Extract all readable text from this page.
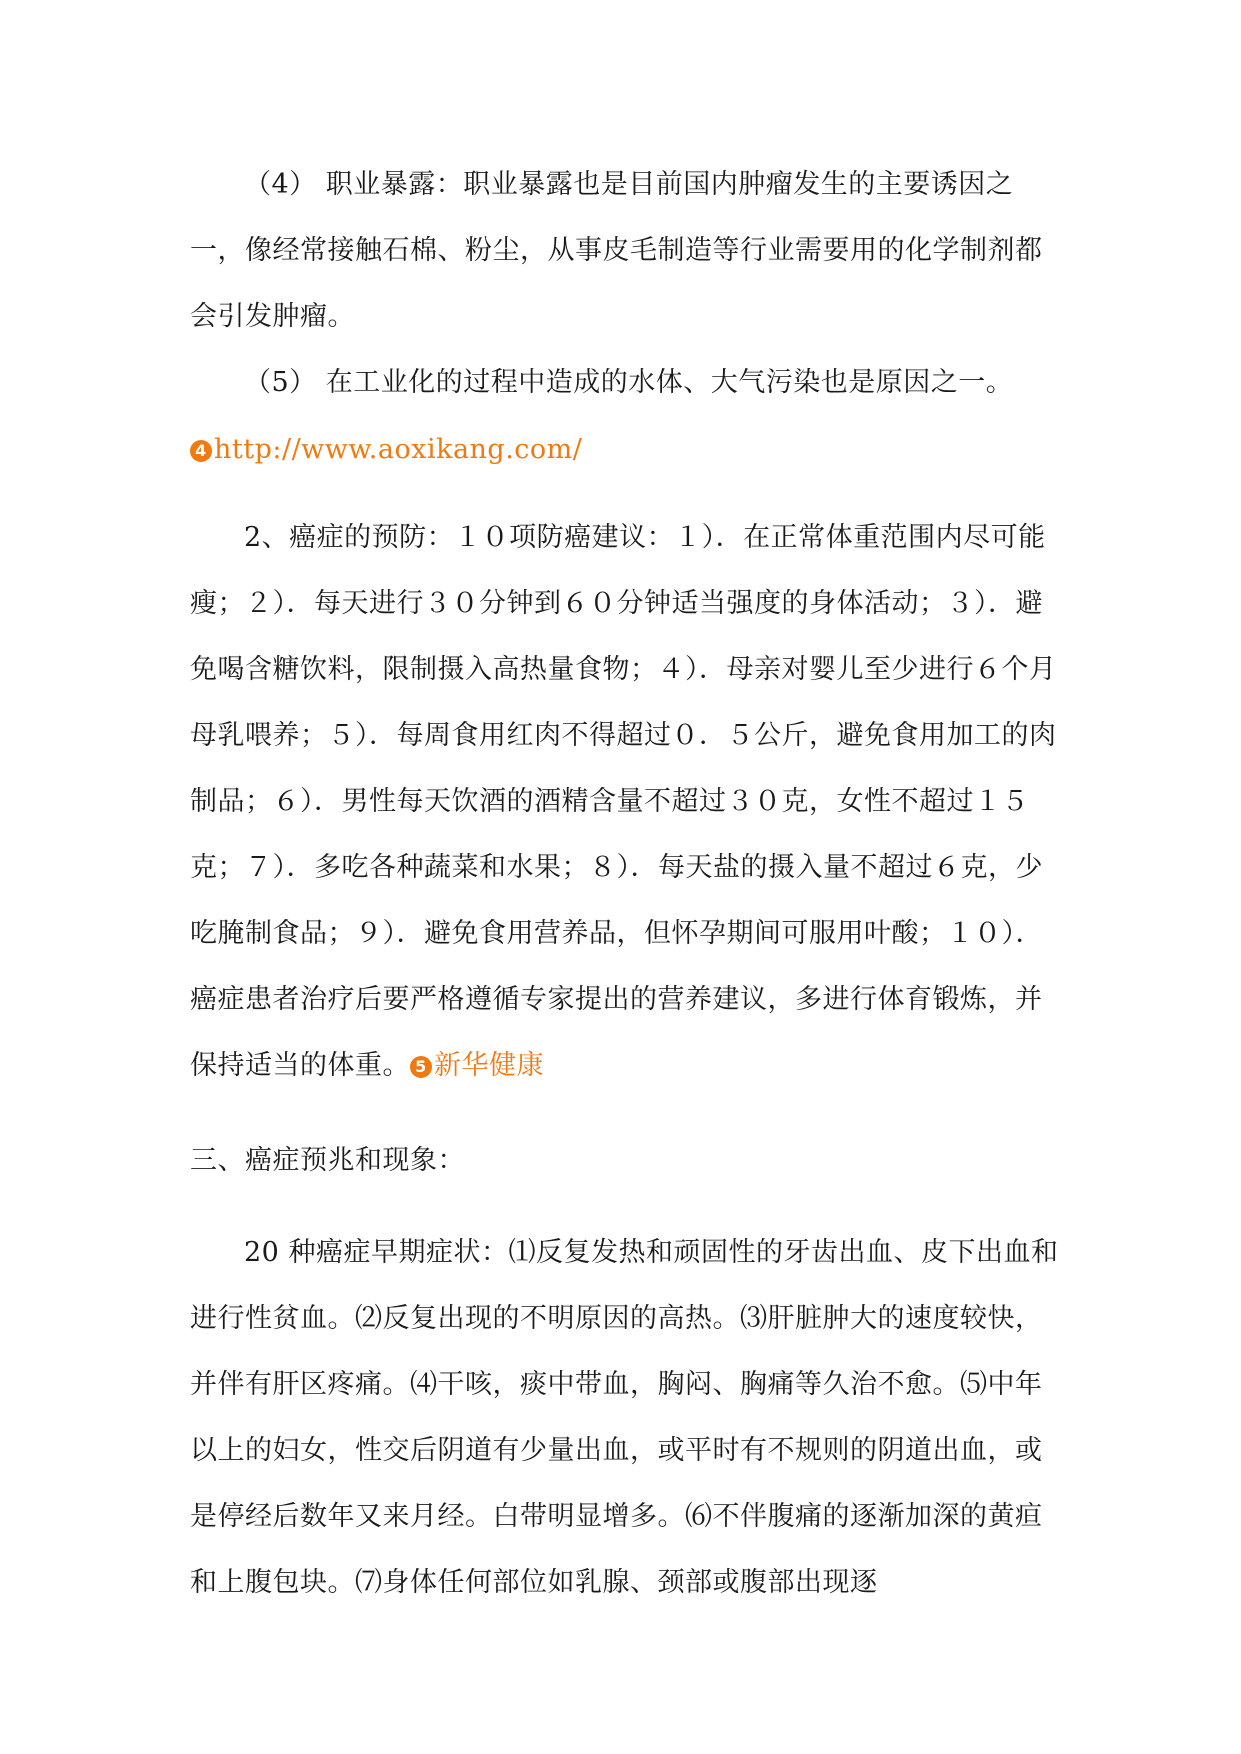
（4） 职业暴露：职业暴露也是目前国内肿瘤发生的主要诱因之一，像经常接触石棉、粉尘，从事皮毛制造等行业需要用的化学制剂都会引发肿瘤。

（5） 在工业化的过程中造成的水体、大气污染也是原因之一。

4 http://www.aoxikang.com/

2、癌症的预防：１０项防癌建议：１）．在正常体重范围内尽可能瘦；２）．每天进行３０分钟到６０分钟适当强度的身体活动；３）．避免喝含糖饮料，限制摄入高热量食物；４）．母亲对婴儿至少进行６个月母乳喂养；５）．每周食用红肉不得超过０．５公斤，避免食用加工的肉制品；６）．男性每天饮酒的酒精含量不超过３０克，女性不超过１５克；７）．多吃各种蔬菜和水果；８）．每天盐的摄入量不超过６克，少吃腌制食品；９）．避免食用营养品，但怀孕期间可服用叶酸；１０）．癌症患者治疗后要严格遵循专家提出的营养建议，多进行体育锻炼，并保持适当的体重。 5 新华健康

三、癌症预兆和现象：

20 种癌症早期症状：⑴反复发热和顽固性的牙齿出血、皮下出血和进行性贫血。⑵反复出现的不明原因的高热。⑶肝脏肿大的速度较快，并伴有肝区疼痛。⑷干咳，痰中带血，胸闷、胸痛等久治不愈。⑸中年以上的妇女，性交后阴道有少量出血，或平时有不规则的阴道出血，或是停经后数年又来月经。白带明显增多。⑹不伴腹痛的逐渐加深的黄疸和上腹包块。⑺身体任何部位如乳腺、颈部或腹部出现逐
